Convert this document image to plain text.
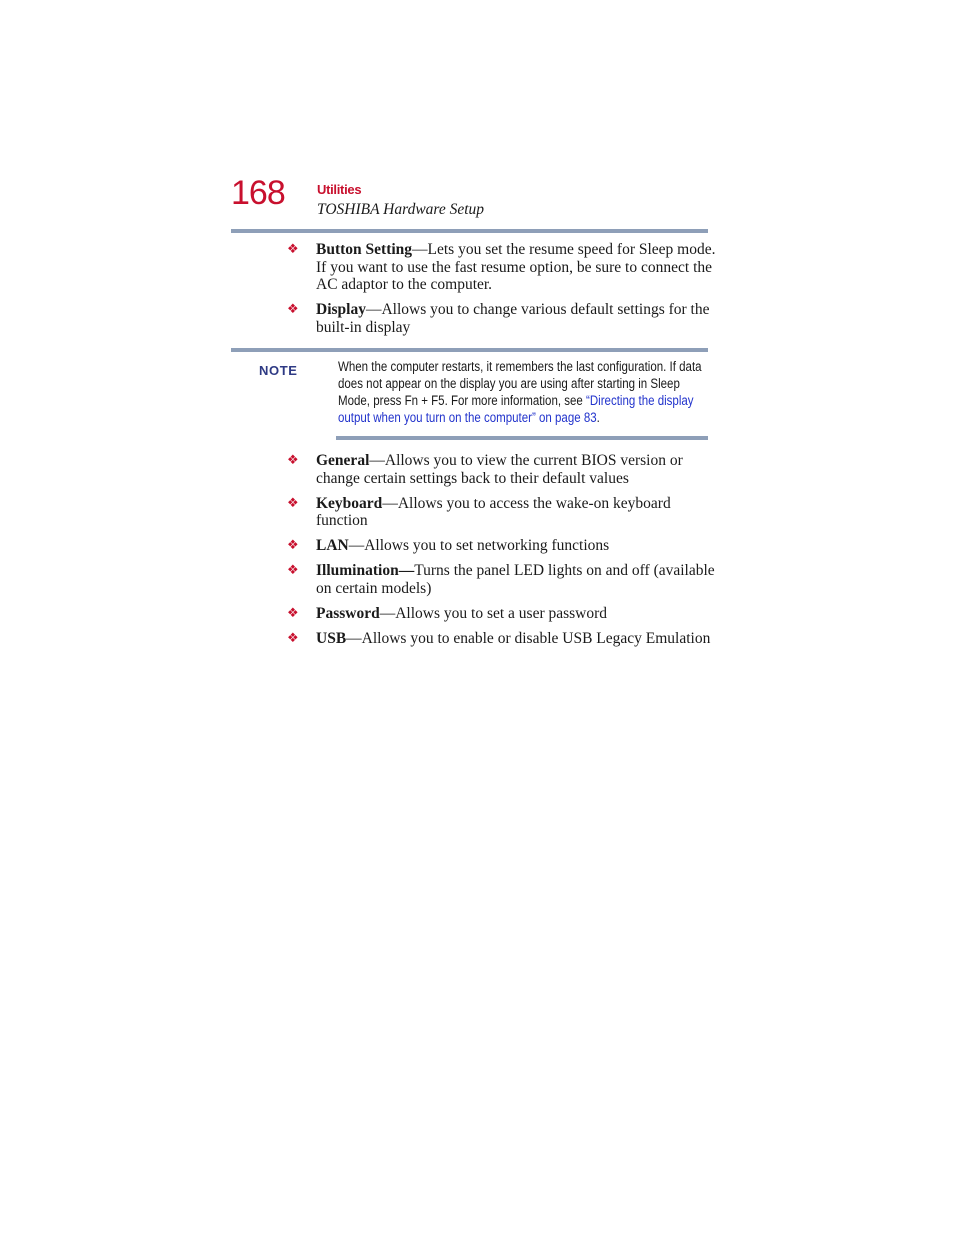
168 Utilities
TOSHIBA Hardware Setup
❖ Button Setting—Lets you set the resume speed for Sleep mode. If you want to use the fast resume option, be sure to connect the AC adaptor to the computer.
❖ Display—Allows you to change various default settings for the built-in display
NOTE	When the computer restarts, it remembers the last configuration. If data does not appear on the display you are using after starting in Sleep Mode, press Fn + F5. For more information, see “Directing the display output when you turn on the computer” on page 83.
❖ General—Allows you to view the current BIOS version or change certain settings back to their default values
❖ Keyboard—Allows you to access the wake-on keyboard function
❖ LAN—Allows you to set networking functions
❖ Illumination—Turns the panel LED lights on and off (available on certain models)
❖ Password—Allows you to set a user password
❖ USB—Allows you to enable or disable USB Legacy Emulation
